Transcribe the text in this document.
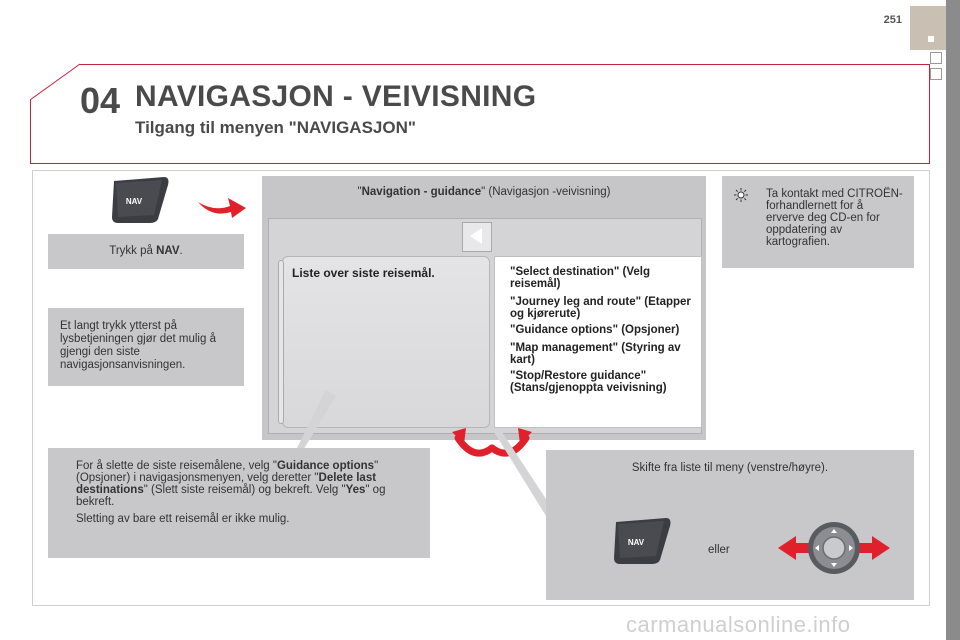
251
04 NAVIGASJON - VEIVISNING
Tilgang til menyen "NAVIGASJON"
NAV
Trykk på
NAV .
Et langt trykk ytterst på lysbetjeningen gjør det mulig å gjengi den siste navigasjonsanvisningen.
"Navigation - guidance" (Navigasjon -veivisning)
Liste over siste reisemål.	"Select destination" (Velg reisemål)
"Journey leg and route" (Etapper og kjørerute)
"Guidance options" (Opsjoner)
"Map management" (Styring av kart)
"Stop/Restore guidance" (Stans/gjenoppta veivisning)
Ta kontakt med CITROËN-forhandlernett for å erverve deg CD-en for oppdatering av kartografien.

For å slette de siste reisemålene, velg "Guidance options" (Opsjoner) i navigasjonsmenyen, velg deretter "Delete last destinations" (Slett siste reisemål) og bekreft. Velg "Yes" og bekreft.

Sletting av bare ett reisemål er ikke mulig.

Skifte fra liste til meny (venstre/høyre).
NAV
eller
carmanualsonline.info
